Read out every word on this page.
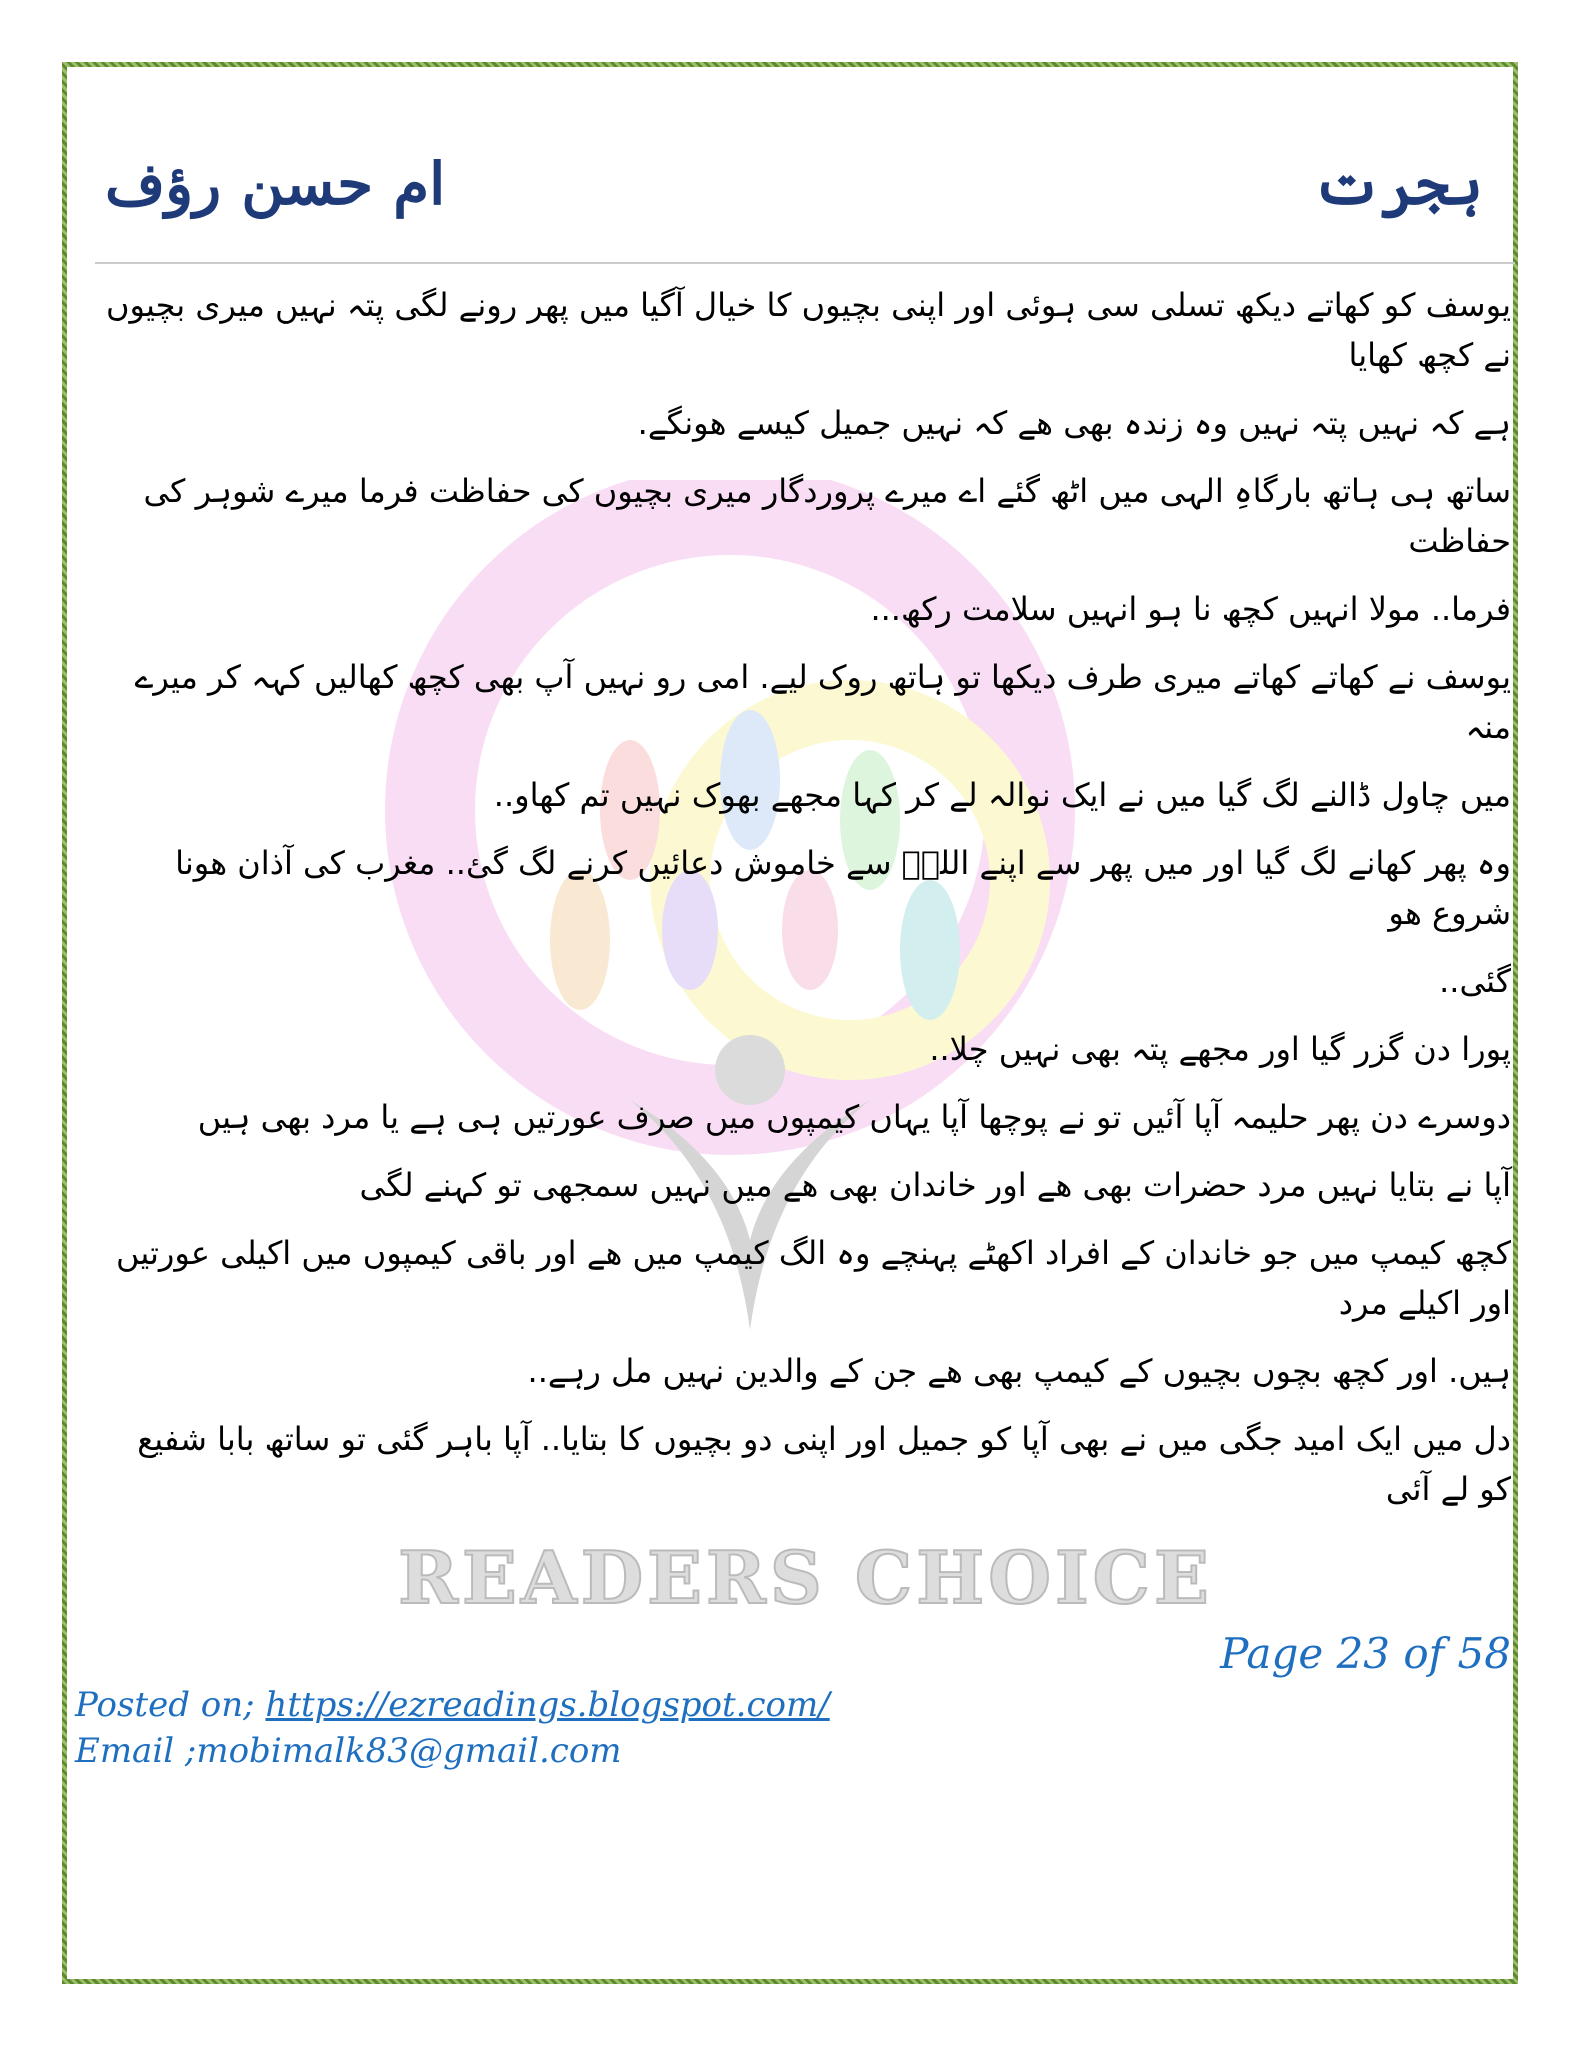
ہجرت
ام حسن رؤف
یوسف کو کھاتے دیکھ تسلی سی ہوئی اور اپنی بچیوں کا خیال آگیا میں پھر رونے لگی پتہ نہیں میری بچیوں نے کچھ کھایا
ہے کہ نہیں پتہ نہیں وہ زندہ بھی ھے کہ نہیں جمیل کیسے ھونگے.
ساتھ ہی ہاتھ بارگاہِ الہی میں اٹھ گئے اے میرے پروردگار میری بچیوں کی حفاظت فرما میرے شوہر کی حفاظت
فرما.. مولا انہیں کچھ نا ہو انہیں سلامت رکھ...
یوسف نے کھاتے کھاتے میری طرف دیکھا تو ہاتھ روک لیے. امی رو نہیں آپ بھی کچھ کھالیں کہہ کر میرے منہ
میں چاول ڈالنے لگ گیا میں نے ایک نوالہ لے کر کہا مجھے بھوک نہیں تم کھاو..
وہ پھر کھانے لگ گیا اور میں پھر سے اپنے اللہؐ سے خاموش دعائیں کرنے لگ گئ.. مغرب کی آذان ھونا شروع ھو
گئی..
پورا دن گزر گیا اور مجھے پتہ بھی نہیں چلا..
دوسرے دن پھر حلیمہ آپا آئیں تو نے پوچھا آپا یہاں کیمپوں میں صرف عورتیں ہی ہے یا مرد بھی ہیں
آپا نے بتایا نہیں مرد حضرات بھی ھے اور خاندان بھی ھے میں نہیں سمجھی تو کہنے لگی
کچھ کیمپ میں جو خاندان کے افراد اکھٹے پہنچے وہ الگ کیمپ میں ھے اور باقی کیمپوں میں اکیلی عورتیں اور اکیلے مرد
ہیں. اور کچھ بچوں بچیوں کے کیمپ بھی ھے جن کے والدین نہیں مل رہے..
دل میں ایک امید جگی میں نے بھی آپا کو جمیل اور اپنی دو بچیوں کا بتایا.. آپا باہر گئی تو ساتھ بابا شفیع کو لے آئی
READERS CHOICE
Page 23 of 58
Posted on; https://ezreadings.blogspot.com/
Email ;mobimalk83@gmail.com
